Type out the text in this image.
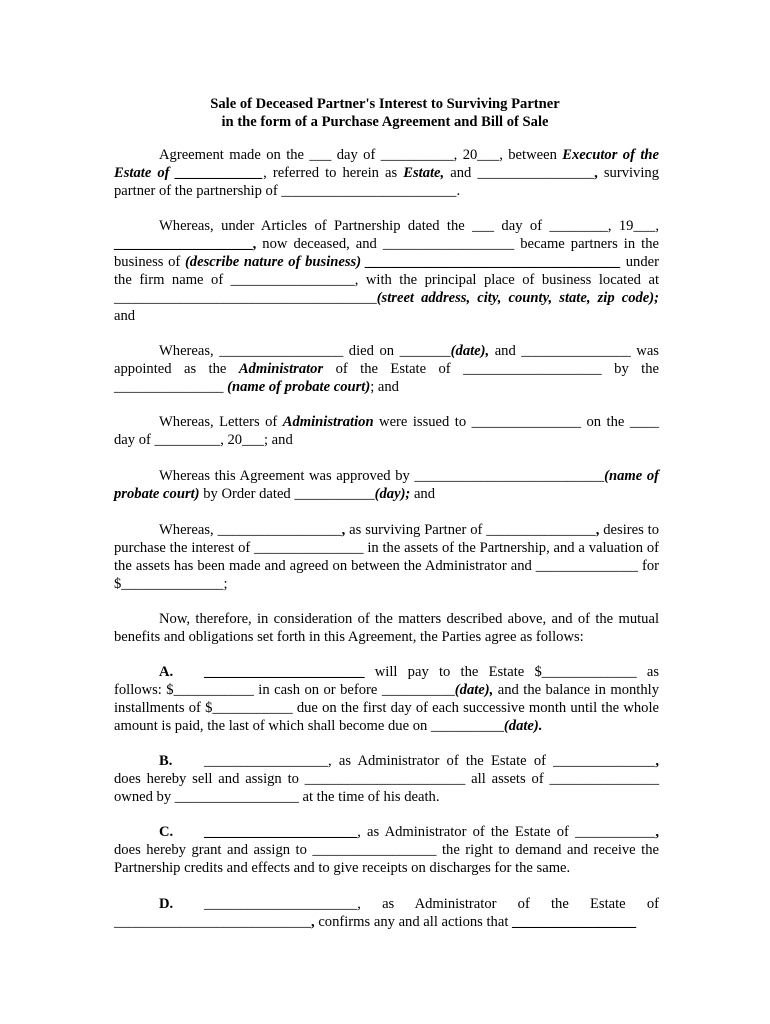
Sale of Deceased Partner's Interest to Surviving Partner
in the form of a Purchase Agreement and Bill of Sale
Agreement made on the ___ day of __________, 20___, between Executor of the Estate of ____________, referred to herein as Estate, and ________________, surviving partner of the partnership of ________________________.
Whereas, under Articles of Partnership dated the ___ day of ________, 19___, ___________________, now deceased, and __________________ became partners in the business of (describe nature of business) ___________________________________ under the firm name of _________________, with the principal place of business located at ____________________________________(street address, city, county, state, zip code); and
Whereas, _________________ died on _______(date), and _______________ was appointed as the Administrator of the Estate of ___________________ by the _______________ (name of probate court); and
Whereas, Letters of Administration were issued to _______________ on the ____ day of _________, 20___; and
Whereas this Agreement was approved by __________________________(name of probate court) by Order dated ___________(day); and
Whereas, _________________, as surviving Partner of _______________, desires to purchase the interest of _______________ in the assets of the Partnership, and a valuation of the assets has been made and agreed on between the Administrator and ______________ for $______________;
Now, therefore, in consideration of the matters described above, and of the mutual benefits and obligations set forth in this Agreement, the Parties agree as follows:
A. ______________________ will pay to the Estate $_____________ as follows: $___________ in cash on or before __________(date), and the balance in monthly installments of $___________ due on the first day of each successive month until the whole amount is paid, the last of which shall become due on __________(date).
B. _________________, as Administrator of the Estate of ______________, does hereby sell and assign to ______________________ all assets of _______________ owned by _________________ at the time of his death.
C. _____________________, as Administrator of the Estate of ___________, does hereby grant and assign to _________________ the right to demand and receive the Partnership credits and effects and to give receipts on discharges for the same.
D. _____________________, as Administrator of the Estate of ___________________________, confirms any and all actions that _________________
